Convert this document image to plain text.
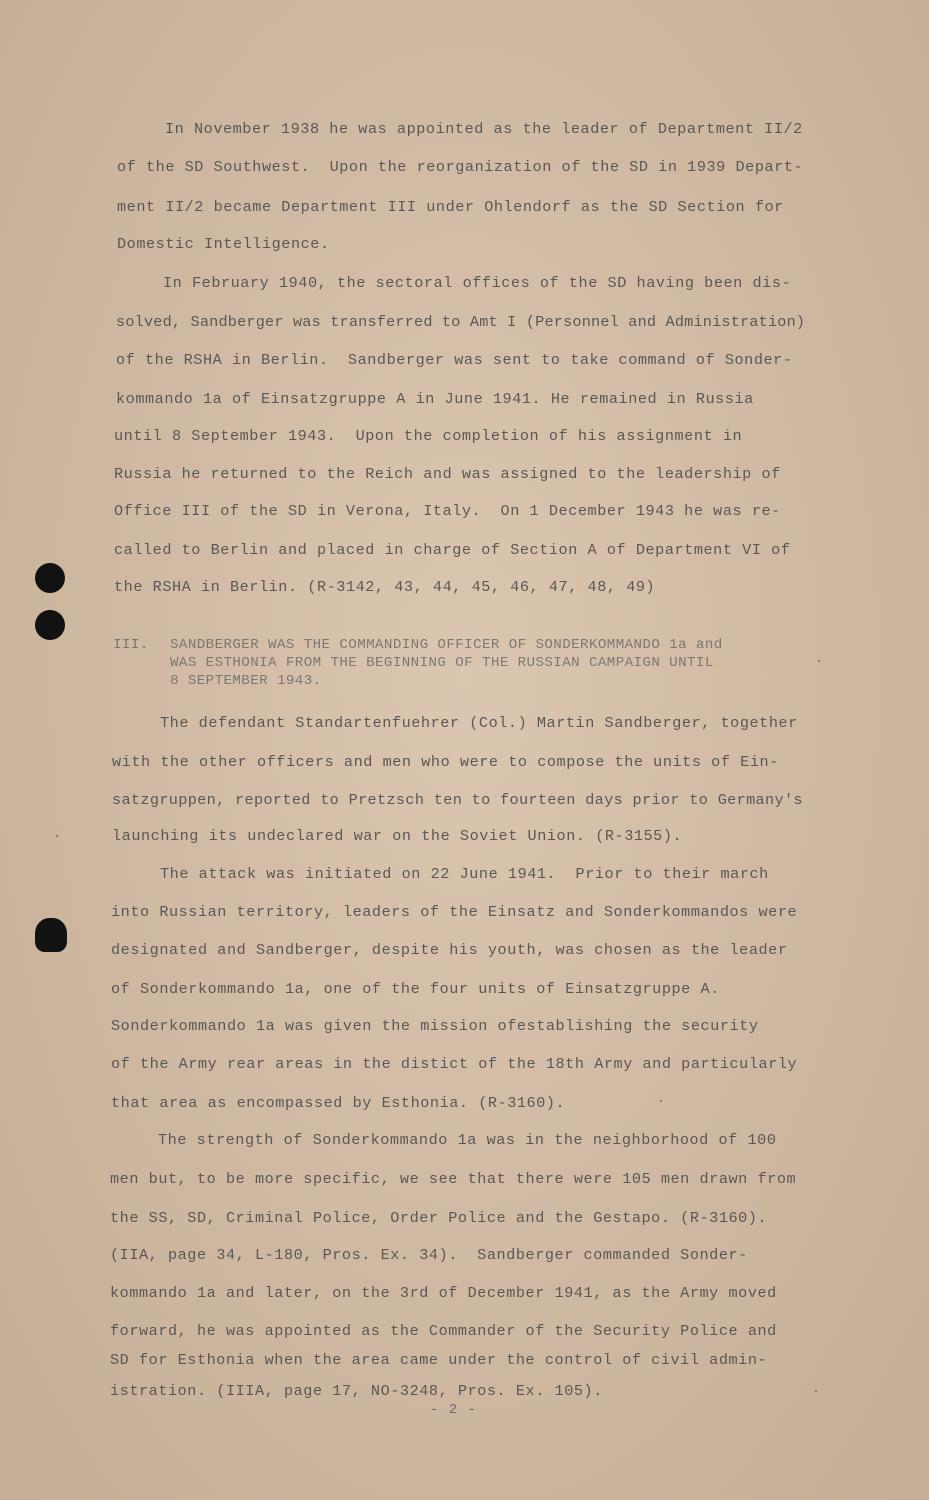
In November 1938 he was appointed as the leader of Department II/2
of the SD Southwest.  Upon the reorganization of the SD in 1939 Depart-
ment II/2 became Department III under Ohlendorf as the SD Section for
Domestic Intelligence.
In February 1940, the sectoral offices of the SD having been dis-
solved, Sandberger was transferred to Amt I (Personnel and Administration)
of the RSHA in Berlin.  Sandberger was sent to take command of Sonder-
kommando 1a of Einsatzgruppe A in June 1941. He remained in Russia
until 8 September 1943.  Upon the completion of his assignment in
Russia he returned to the Reich and was assigned to the leadership of
Office III of the SD in Verona, Italy.  On 1 December 1943 he was re-
called to Berlin and placed in charge of Section A of Department VI of
the RSHA in Berlin. (R-3142, 43, 44, 45, 46, 47, 48, 49)
III. SANDBERGER WAS THE COMMANDING OFFICER OF SONDERKOMMANDO 1a and
WAS ESTHONIA FROM THE BEGINNING OF THE RUSSIAN CAMPAIGN UNTIL
8 SEPTEMBER 1943.
The defendant Standartenfuehrer (Col.) Martin Sandberger, together
with the other officers and men who were to compose the units of Ein-
satzgruppen, reported to Pretzsch ten to fourteen days prior to Germany's
launching its undeclared war on the Soviet Union. (R-3155).
The attack was initiated on 22 June 1941.  Prior to their march
into Russian territory, leaders of the Einsatz and Sonderkommandos were
designated and Sandberger, despite his youth, was chosen as the leader
of Sonderkommando 1a, one of the four units of Einsatzgruppe A.
Sonderkommando 1a was given the mission ofestablishing the security
of the Army rear areas in the distict of the 18th Army and particularly
that area as encompassed by Esthonia. (R-3160).
The strength of Sonderkommando 1a was in the neighborhood of 100
men but, to be more specific, we see that there were 105 men drawn from
the SS, SD, Criminal Police, Order Police and the Gestapo. (R-3160).
(IIA, page 34, L-180, Pros. Ex. 34).  Sandberger commanded Sonder-
kommando 1a and later, on the 3rd of December 1941, as the Army moved
forward, he was appointed as the Commander of the Security Police and
SD for Esthonia when the area came under the control of civil admin-
istration. (IIIA, page 17, NO-3248, Pros. Ex. 105).
- 2 -
